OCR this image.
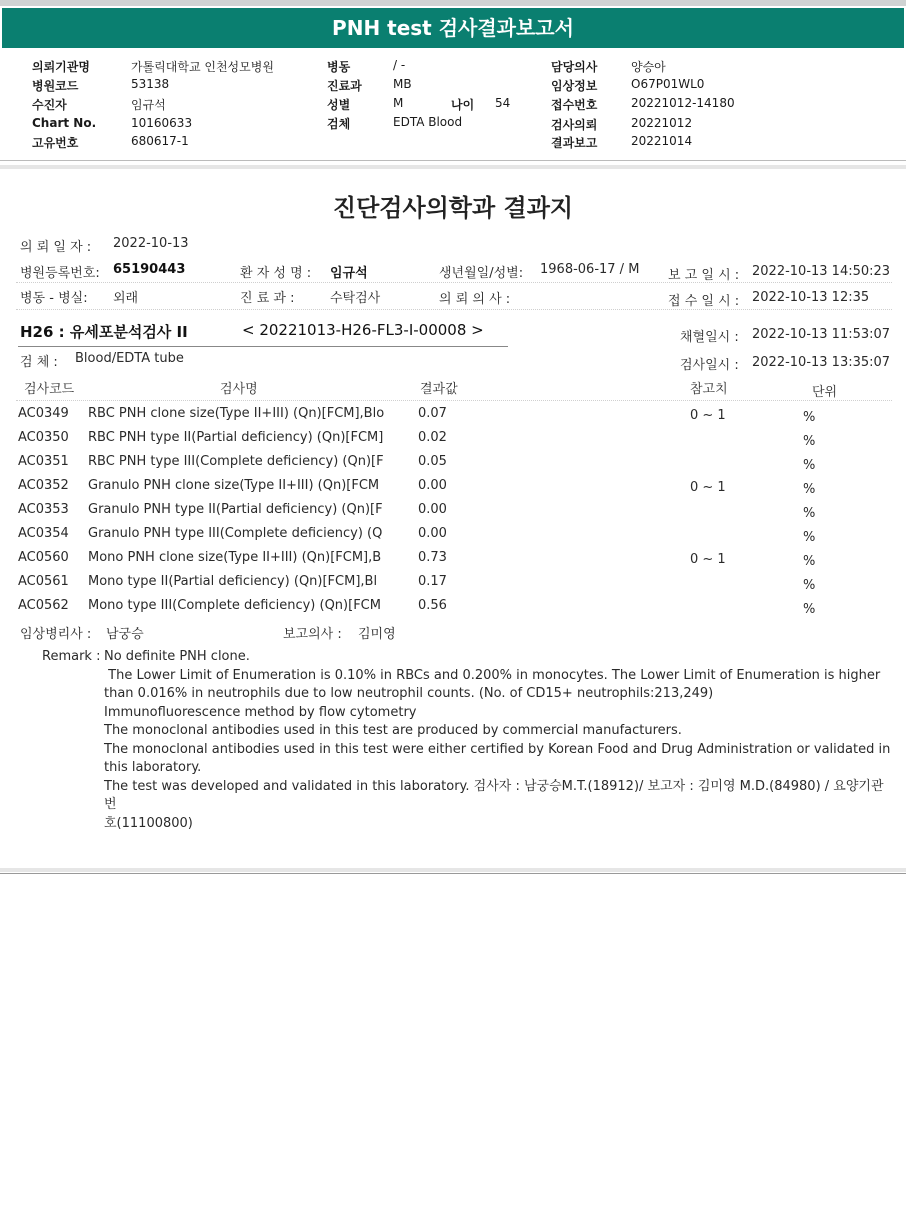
PNH test 검사결과보고서
의뢰기관명	가톨릭대학교 인천성모병원
병원코드	53138
수진자	임규석
Chart No.	10160633
고유번호	680617-1
병동	/ -
진료과	MB
성별	M	나이 54
검체	EDTA Blood
담당의사	양승아
임상정보	O67P01WL0
접수번호	20221012-14180
검사의뢰	20221012
결과보고	20221014
진단검사의학과 결과지
의 뢰 일 자 : 2022-10-13
병원등록번호: 65190443	환 자 성 명 : 임규석	생년월일/성별: 1968-06-17 / M 보 고 일 시 : 2022-10-13 14:50:23
병동 - 병실: 외래	진 료 과 :	수탁검사	의 뢰 의 사 :	접 수 일 시 : 2022-10-13 12:35
H26 : 유세포분석검사 II	< 20221013-H26-FL3-I-00008 >	채혈일시 : 2022-10-13 11:53:07
검 체 : Blood/EDTA tube	검사일시 : 2022-10-13 13:35:07
검사코드	검사명	결과값	참고치	단위
AC0349 RBC PNH clone size(Type II+III) (Qn)[FCM],Blo	0.07	0 ~ 1	%
AC0350 RBC PNH type II(Partial deficiency) (Qn)[FCM]	0.02	%
AC0351 RBC PNH type III(Complete deficiency) (Qn)[F	0.05	%
AC0352 Granulo PNH clone size(Type II+III) (Qn)[FCM	0.00	0 ~ 1	%
AC0353 Granulo PNH type II(Partial deficiency) (Qn)[F	0.00	%
AC0354 Granulo PNH type III(Complete deficiency) (Q	0.00	%
AC0560 Mono PNH clone size(Type II+III) (Qn)[FCM],B	0.73	0 ~ 1	%
AC0561 Mono type II(Partial deficiency) (Qn)[FCM],Bl	0.17	%
AC0562 Mono type III(Complete deficiency) (Qn)[FCM	0.56	%
임상병리사 : 남궁승	보고의사 : 김미영
Remark : No definite PNH clone.
The Lower Limit of Enumeration is 0.10% in RBCs and 0.200% in monocytes. The Lower Limit of Enumeration is higher
than 0.016% in neutrophils due to low neutrophil counts. (No. of CD15+ neutrophils:213,249)
Immunofluorescence method by flow cytometry
The monoclonal antibodies used in this test are produced by commercial manufacturers.
The monoclonal antibodies used in this test were either certified by Korean Food and Drug Administration or validated in
this laboratory.
The test was developed and validated in this laboratory. 검사자 : 남궁승M.T.(18912)/ 보고자 : 김미영 M.D.(84980) / 요양기관번
호(11100800)
